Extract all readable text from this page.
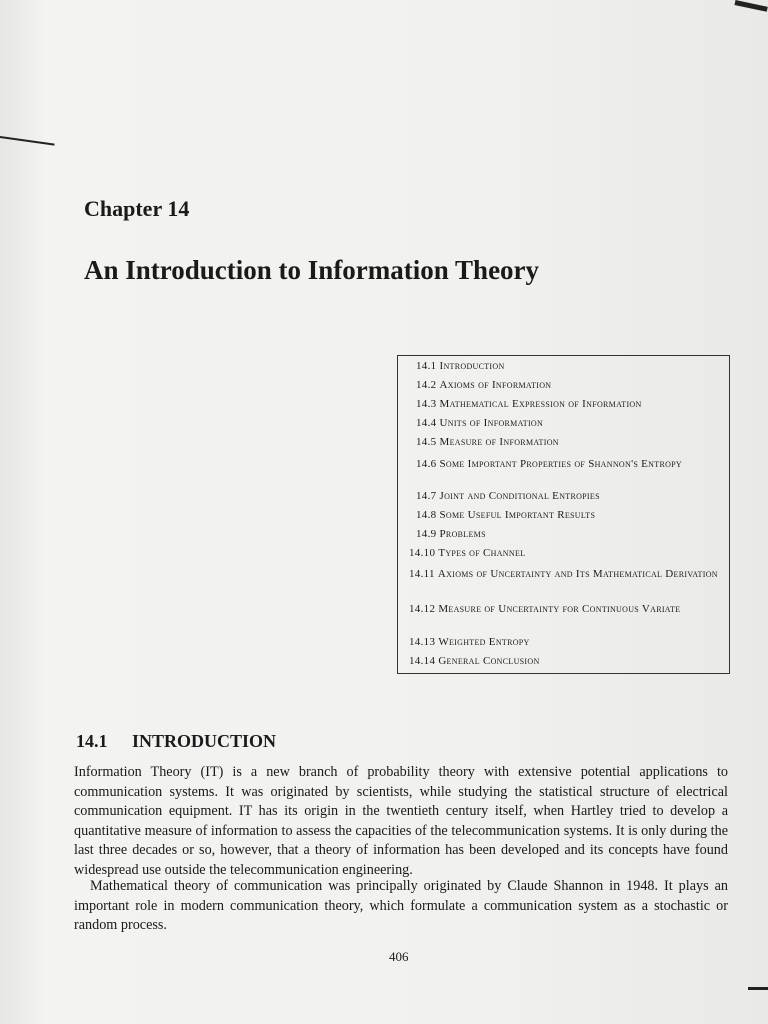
Chapter 14
An Introduction to Information Theory
14.1 Introduction
14.2 Axioms of Information
14.3 Mathematical Expression of Information
14.4 Units of Information
14.5 Measure of Information
14.6 Some Important Properties of Shannon's Entropy
14.7 Joint and Conditional Entropies
14.8 Some Useful Important Results
14.9 Problems
14.10 Types of Channel
14.11 Axioms of Uncertainty and Its Mathematical Derivation
14.12 Measure of Uncertainty for Continuous Variate
14.13 Weighted Entropy
14.14 General Conclusion
14.1 INTRODUCTION

Information Theory (IT) is a new branch of probability theory with extensive potential applications to communication systems. It was originated by scientists, while studying the statistical structure of electrical communication equipment. IT has its origin in the twentieth century itself, when Hartley tried to develop a quantitative measure of information to assess the capacities of the telecommunication systems. It is only during the last three decades or so, however, that a theory of information has been developed and its concepts have found widespread use outside the telecommunication engineering.

Mathematical theory of communication was principally originated by Claude Shannon in 1948. It plays an important role in modern communication theory, which formulate a communication system as a stochastic or random process.

406
